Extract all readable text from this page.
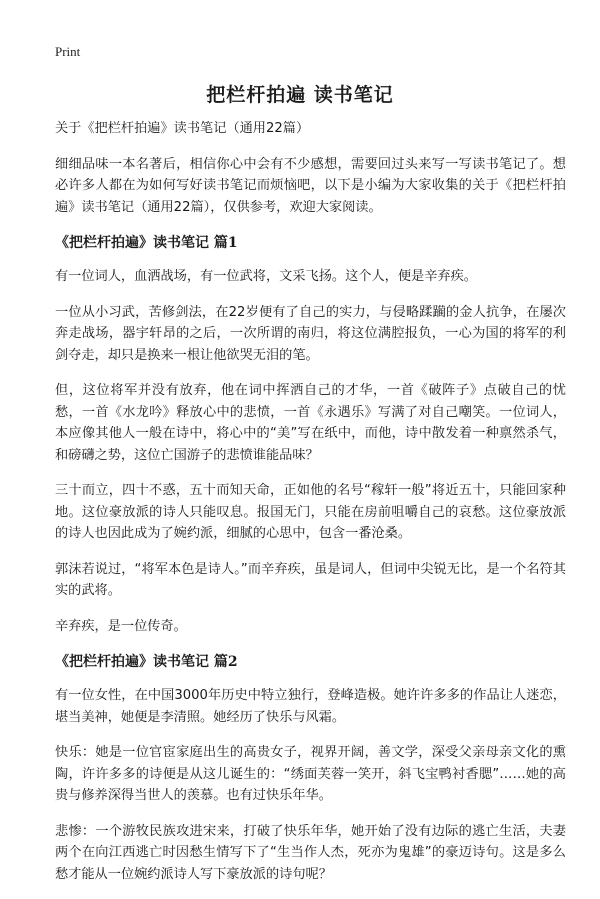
Print
把栏杆拍遍 读书笔记

关于《把栏杆拍遍》读书笔记（通用22篇）

细细品味一本名著后，相信你心中会有不少感想，需要回过头来写一写读书笔记了。想必许多人都在为如何写好读书笔记而烦恼吧，以下是小编为大家收集的关于《把栏杆拍遍》读书笔记（通用22篇），仅供参考，欢迎大家阅读。

《把栏杆拍遍》读书笔记 篇1

有一位词人，血洒战场，有一位武将，文采飞扬。这个人，便是辛弃疾。

一位从小习武，苦修剑法，在22岁便有了自己的实力，与侵略蹂躏的金人抗争，在屡次奔走战场，器宇轩昂的之后，一次所谓的南归，将这位满腔报负，一心为国的将军的利剑夺走，却只是换来一根让他欲哭无泪的笔。

但，这位将军并没有放弃，他在词中挥洒自己的才华，一首《破阵子》点破自己的忧愁，一首《水龙吟》释放心中的悲愤，一首《永遇乐》写满了对自己嘲笑。一位词人，本应像其他人一般在诗中，将心中的“美”写在纸中，而他，诗中散发着一种禀然杀气，和磅礴之势，这位亡国游子的悲愤谁能品味？

三十而立，四十不惑，五十而知天命，正如他的名号“稼轩一般”将近五十，只能回家种地。这位豪放派的诗人只能叹息。报国无门，只能在房前咀嚼自己的哀愁。这位豪放派的诗人也因此成为了婉约派，细腻的心思中，包含一番沧桑。

郭沫若说过，“将军本色是诗人。”而辛弃疾，虽是词人，但词中尖锐无比，是一个名符其实的武将。

辛弃疾，是一位传奇。

《把栏杆拍遍》读书笔记 篇2

有一位女性，在中国3000年历史中特立独行，登峰造极。她许许多多的作品让人迷恋，堪当美神，她便是李清照。她经历了快乐与风霜。

快乐：她是一位官宦家庭出生的高贵女子，视界开阔，善文学，深受父亲母亲文化的熏陶，许许多多的诗便是从这儿诞生的：“绣面芙蓉一笑开，斜飞宝鸭衬香腮”……她的高贵与修养深得当世人的羡慕。也有过快乐年华。

悲惨：一个游牧民族攻进宋来，打破了快乐年华，她开始了没有边际的逃亡生活，夫妻两个在向江西逃亡时因愁生情写下了“生当作人杰，死亦为鬼雄”的豪迈诗句。这是多么愁才能从一位婉约派诗人写下豪放派的诗句呢？
